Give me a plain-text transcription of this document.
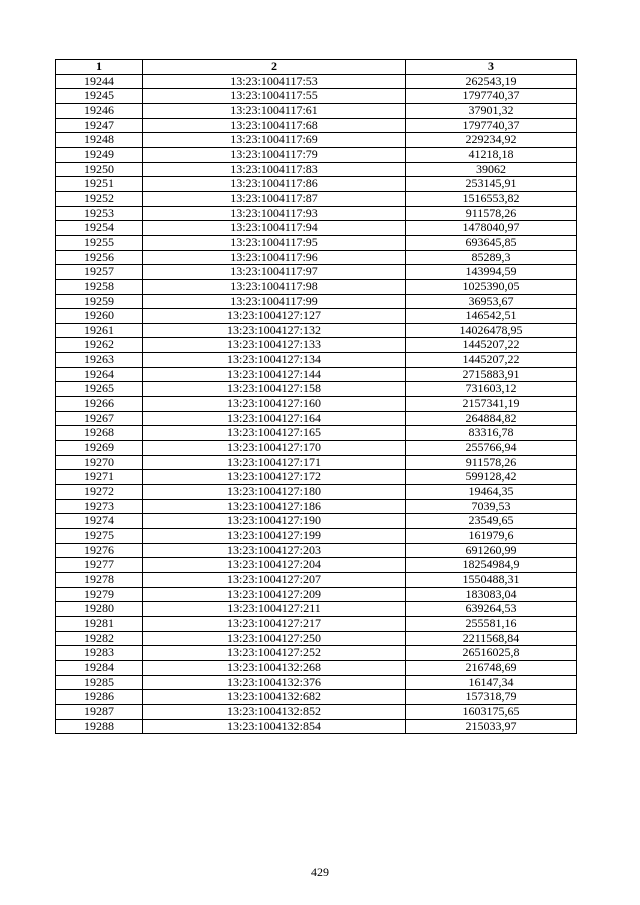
1	2	3
19244	13:23:1004117:53	262543,19
19245	13:23:1004117:55	1797740,37
19246	13:23:1004117:61	37901,32
19247	13:23:1004117:68	1797740,37
19248	13:23:1004117:69	229234,92
19249	13:23:1004117:79	41218,18
19250	13:23:1004117:83	39062
19251	13:23:1004117:86	253145,91
19252	13:23:1004117:87	1516553,82
19253	13:23:1004117:93	911578,26
19254	13:23:1004117:94	1478040,97
19255	13:23:1004117:95	693645,85
19256	13:23:1004117:96	85289,3
19257	13:23:1004117:97	143994,59
19258	13:23:1004117:98	1025390,05
19259	13:23:1004117:99	36953,67
19260	13:23:1004127:127	146542,51
19261	13:23:1004127:132	14026478,95
19262	13:23:1004127:133	1445207,22
19263	13:23:1004127:134	1445207,22
19264	13:23:1004127:144	2715883,91
19265	13:23:1004127:158	731603,12
19266	13:23:1004127:160	2157341,19
19267	13:23:1004127:164	264884,82
19268	13:23:1004127:165	83316,78
19269	13:23:1004127:170	255766,94
19270	13:23:1004127:171	911578,26
19271	13:23:1004127:172	599128,42
19272	13:23:1004127:180	19464,35
19273	13:23:1004127:186	7039,53
19274	13:23:1004127:190	23549,65
19275	13:23:1004127:199	161979,6
19276	13:23:1004127:203	691260,99
19277	13:23:1004127:204	18254984,9
19278	13:23:1004127:207	1550488,31
19279	13:23:1004127:209	183083,04
19280	13:23:1004127:211	639264,53
19281	13:23:1004127:217	255581,16
19282	13:23:1004127:250	2211568,84
19283	13:23:1004127:252	26516025,8
19284	13:23:1004132:268	216748,69
19285	13:23:1004132:376	16147,34
19286	13:23:1004132:682	157318,79
19287	13:23:1004132:852	1603175,65
19288	13:23:1004132:854	215033,97
429
